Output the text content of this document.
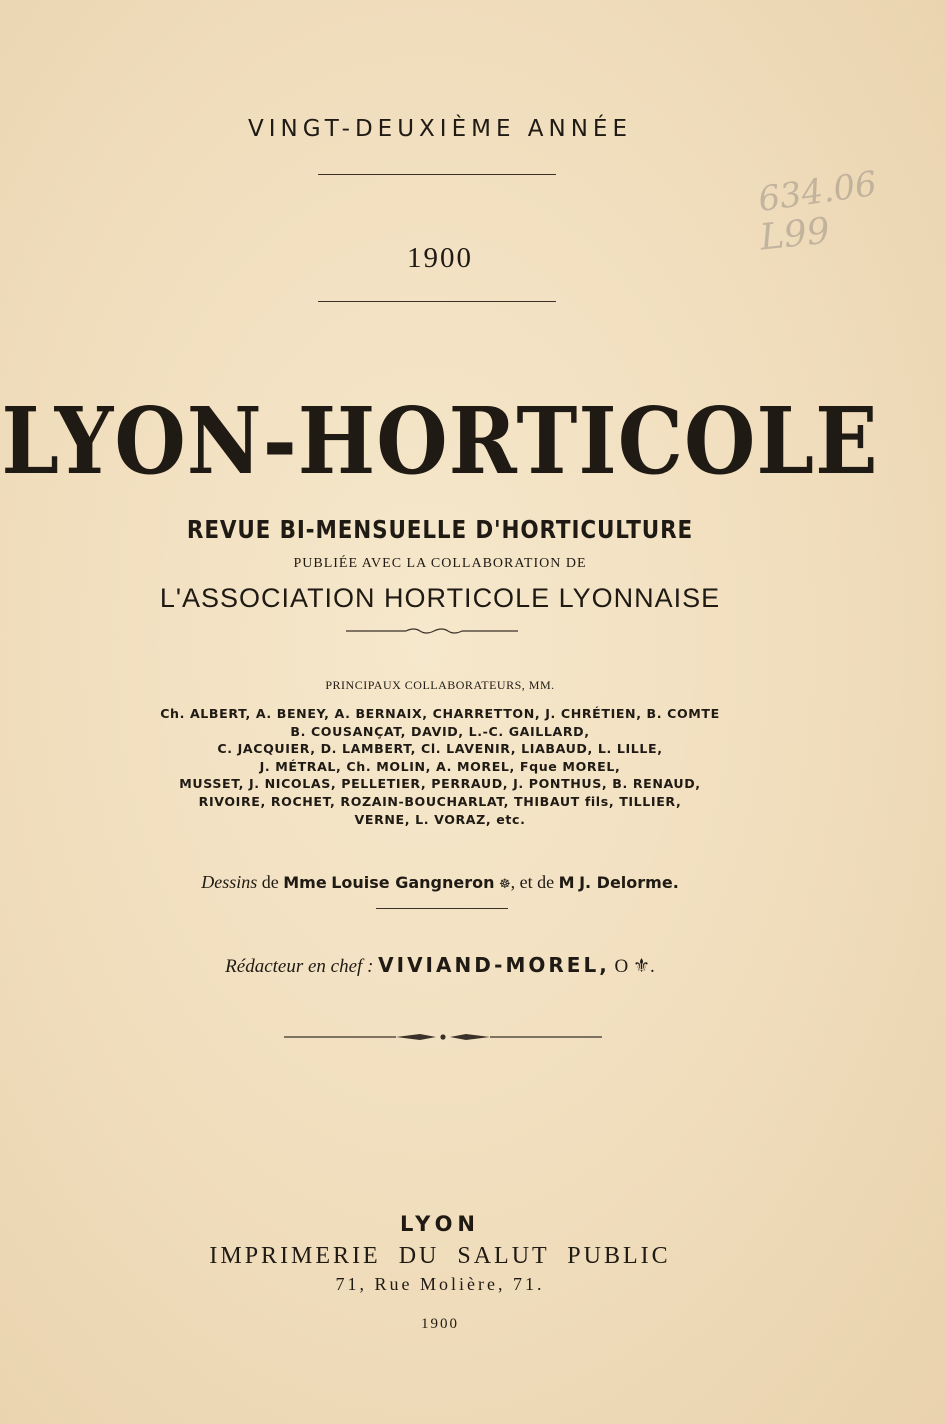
VINGT-DEUXIÈME ANNÉE

1900

634.06
L99
LYON-HORTICOLE

REVUE BI-MENSUELLE D'HORTICULTURE

PUBLIÉE AVEC LA COLLABORATION DE

L'ASSOCIATION HORTICOLE LYONNAISE

PRINCIPAUX COLLABORATEURS, MM.

Ch. ALBERT, A. BENEY, A. BERNAIX, CHARRETTON, J. CHRÉTIEN, B. COMTE
B. COUSANÇAT, DAVID, L.-C. GAILLARD,
C. JACQUIER, D. LAMBERT, Cl. LAVENIR, LIABAUD, L. LILLE,
J. MÉTRAL, Ch. MOLIN, A. MOREL, Fque MOREL,
MUSSET, J. NICOLAS, PELLETIER, PERRAUD, J. PONTHUS, B. RENAUD,
RIVOIRE, ROCHET, ROZAIN-BOUCHARLAT, THIBAUT fils, TILLIER,
VERNE, L. VORAZ, etc.

Dessins de Mme Louise Gangneron ☸, et de M J. Delorme.

Rédacteur en chef : VIVIAND-MOREL, O ⚜.

LYON

IMPRIMERIE DU SALUT PUBLIC

71, Rue Molière, 71.

1900
